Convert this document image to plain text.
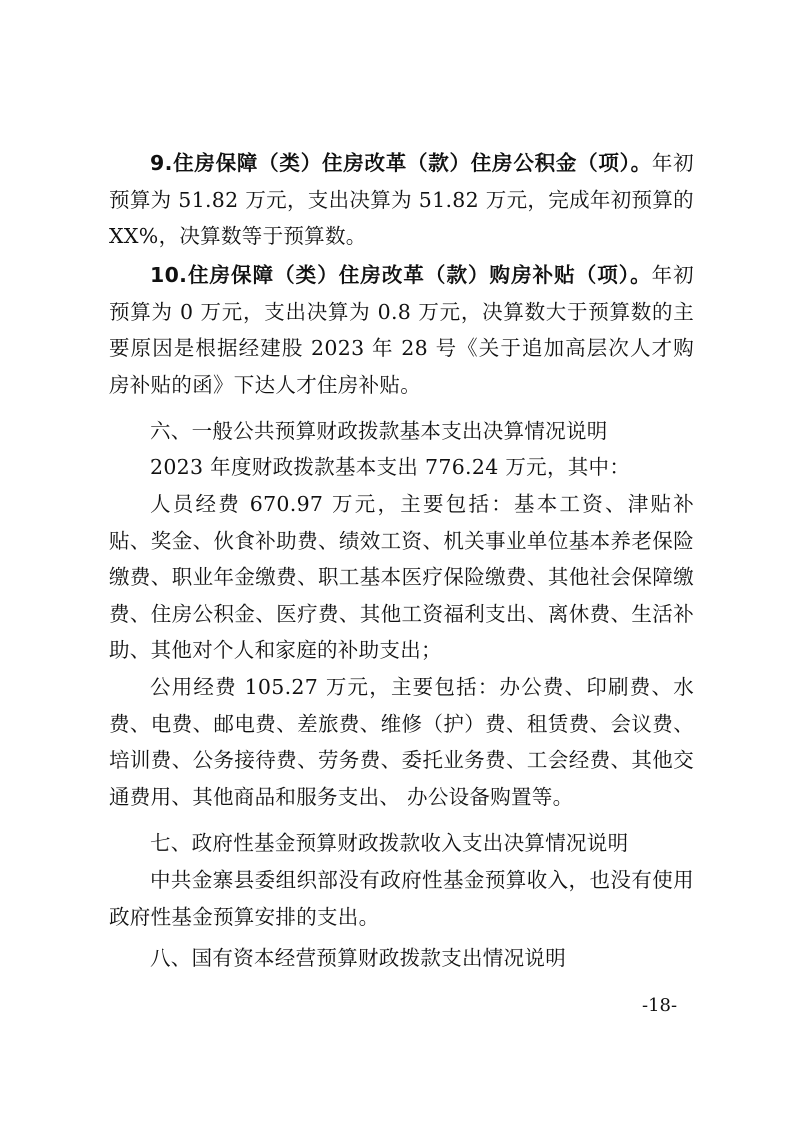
9.住房保障（类）住房改革（款）住房公积金（项）。年初预算为 51.82 万元，支出决算为 51.82 万元，完成年初预算的 XX%，决算数等于预算数。

10.住房保障（类）住房改革（款）购房补贴（项）。年初预算为 0 万元，支出决算为 0.8 万元，决算数大于预算数的主要原因是根据经建股 2023 年 28 号《关于追加高层次人才购房补贴的函》下达人才住房补贴。

六、一般公共预算财政拨款基本支出决算情况说明

2023 年度财政拨款基本支出 776.24 万元，其中：

人员经费 670.97 万元，主要包括：基本工资、津贴补贴、奖金、伙食补助费、绩效工资、机关事业单位基本养老保险缴费、职业年金缴费、职工基本医疗保险缴费、其他社会保障缴费、住房公积金、医疗费、其他工资福利支出、离休费、生活补助、其他对个人和家庭的补助支出；

公用经费 105.27 万元，主要包括：办公费、印刷费、水费、电费、邮电费、差旅费、维修（护）费、租赁费、会议费、培训费、公务接待费、劳务费、委托业务费、工会经费、其他交通费用、其他商品和服务支出、 办公设备购置等。

七、政府性基金预算财政拨款收入支出决算情况说明

中共金寨县委组织部没有政府性基金预算收入，也没有使用政府性基金预算安排的支出。

八、国有资本经营预算财政拨款支出情况说明

-18-
